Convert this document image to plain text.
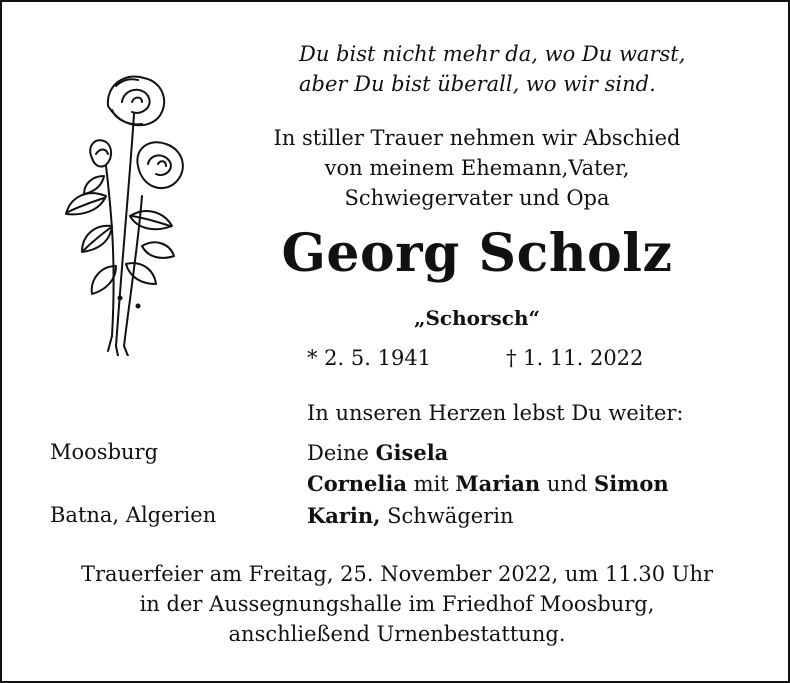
Du bist nicht mehr da, wo Du warst,
aber Du bist überall, wo wir sind.
In stiller Trauer nehmen wir Abschied
von meinem Ehemann,Vater,
Schwiegervater und Opa
Georg Scholz
„Schorsch“
* 2. 5. 1941	† 1. 11. 2022
In unseren Herzen lebst Du weiter:
Moosburg
Batna, Algerien
Deine Gisela
Cornelia mit Marian und Simon
Karin, Schwägerin
Trauerfeier am Freitag, 25. November 2022, um 11.30 Uhr
in der Aussegnungshalle im Friedhof Moosburg,
anschließend Urnenbestattung.
